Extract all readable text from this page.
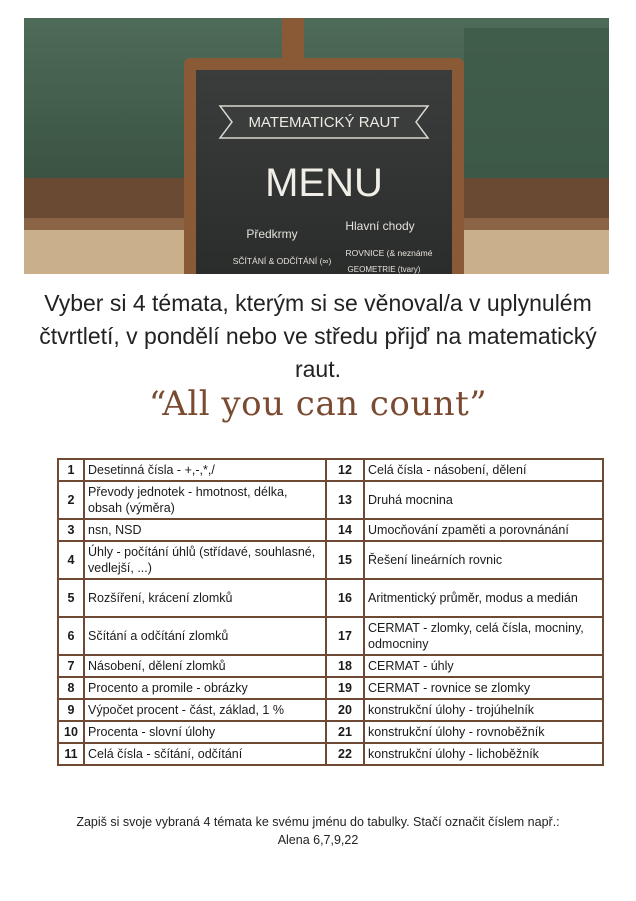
MATEMATICKÝ RAUT
MENU
Předkrmy
Hlavní chody
SČÍTÁNÍ & ODČÍTÁNÍ (∞)
ROVNICE (& neznámé
GEOMETRIE (tvary)
Vyber si 4 témata, kterým si se věnoval/a v uplynulém čtvrtletí, v pondělí nebo ve středu přijď na matematický raut.
“All you can count”
1	Desetinná čísla - +,-,*,/	12	Celá čísla - násobení, dělení
2	Převody jednotek - hmotnost, délka, obsah (výměra)	13	Druhá mocnina
3	nsn, NSD	14	Umocňování zpaměti a porovnánání
4	Úhly - počítání úhlů (střídavé, souhlasné, vedlejší, ...)	15	Řešení lineárních rovnic
5	Rozšíření, krácení zlomků	16	Aritmentický průměr, modus a medián
6	Sčítání a odčítání zlomků	17	CERMAT - zlomky, celá čísla, mocniny, odmocniny
7	Násobení, dělení zlomků	18	CERMAT - úhly
8	Procento a promile - obrázky	19	CERMAT - rovnice se zlomky
9	Výpočet procent - část, základ, 1 %	20	konstrukční úlohy - trojúhelník
10	Procenta - slovní úlohy	21	konstrukční úlohy - rovnoběžník
11	Celá čísla - sčítání, odčítání	22	konstrukční úlohy - lichoběžník
Zapiš si svoje vybraná 4 témata ke svému jménu do tabulky. Stačí označit číslem např.:
Alena 6,7,9,22
